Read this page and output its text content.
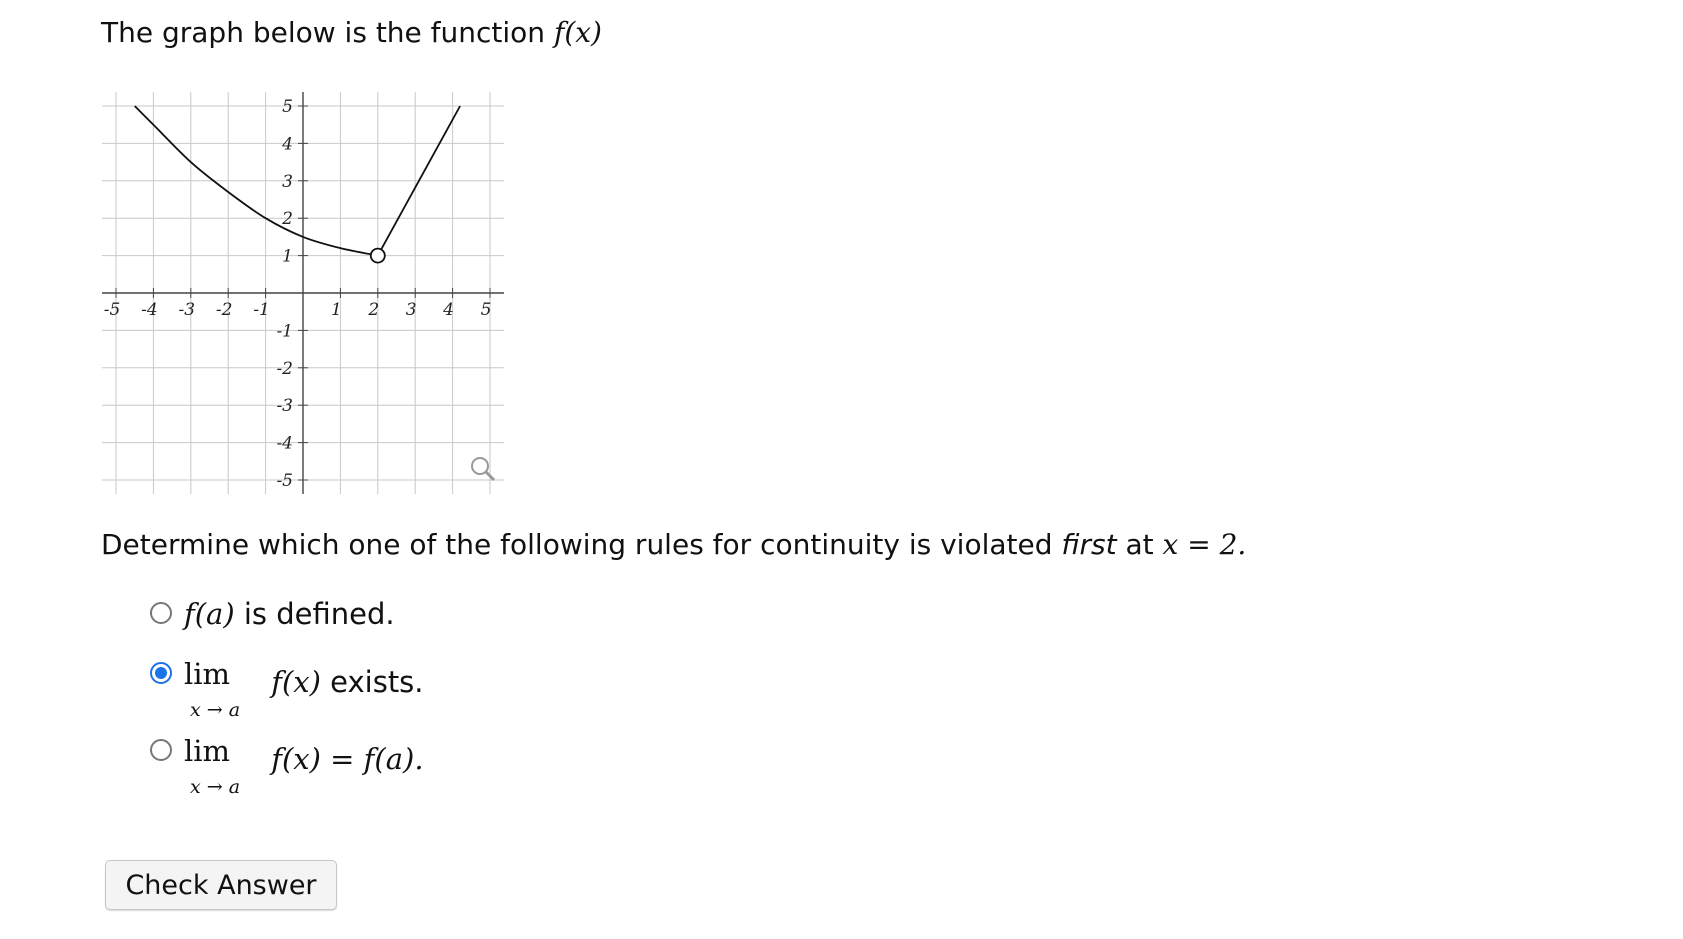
The graph below is the function f(x)
-5 -4 -3 -2 -1	1 2 3 4 5
5
4
3
2
1
-1
-2
-3
-4
-5
Determine which one of the following rules for continuity is violated first at x = 2.
f(a) is defined.
lim
x → a
f(x) exists.
lim
x → a
f(x) = f(a).
Check Answer
